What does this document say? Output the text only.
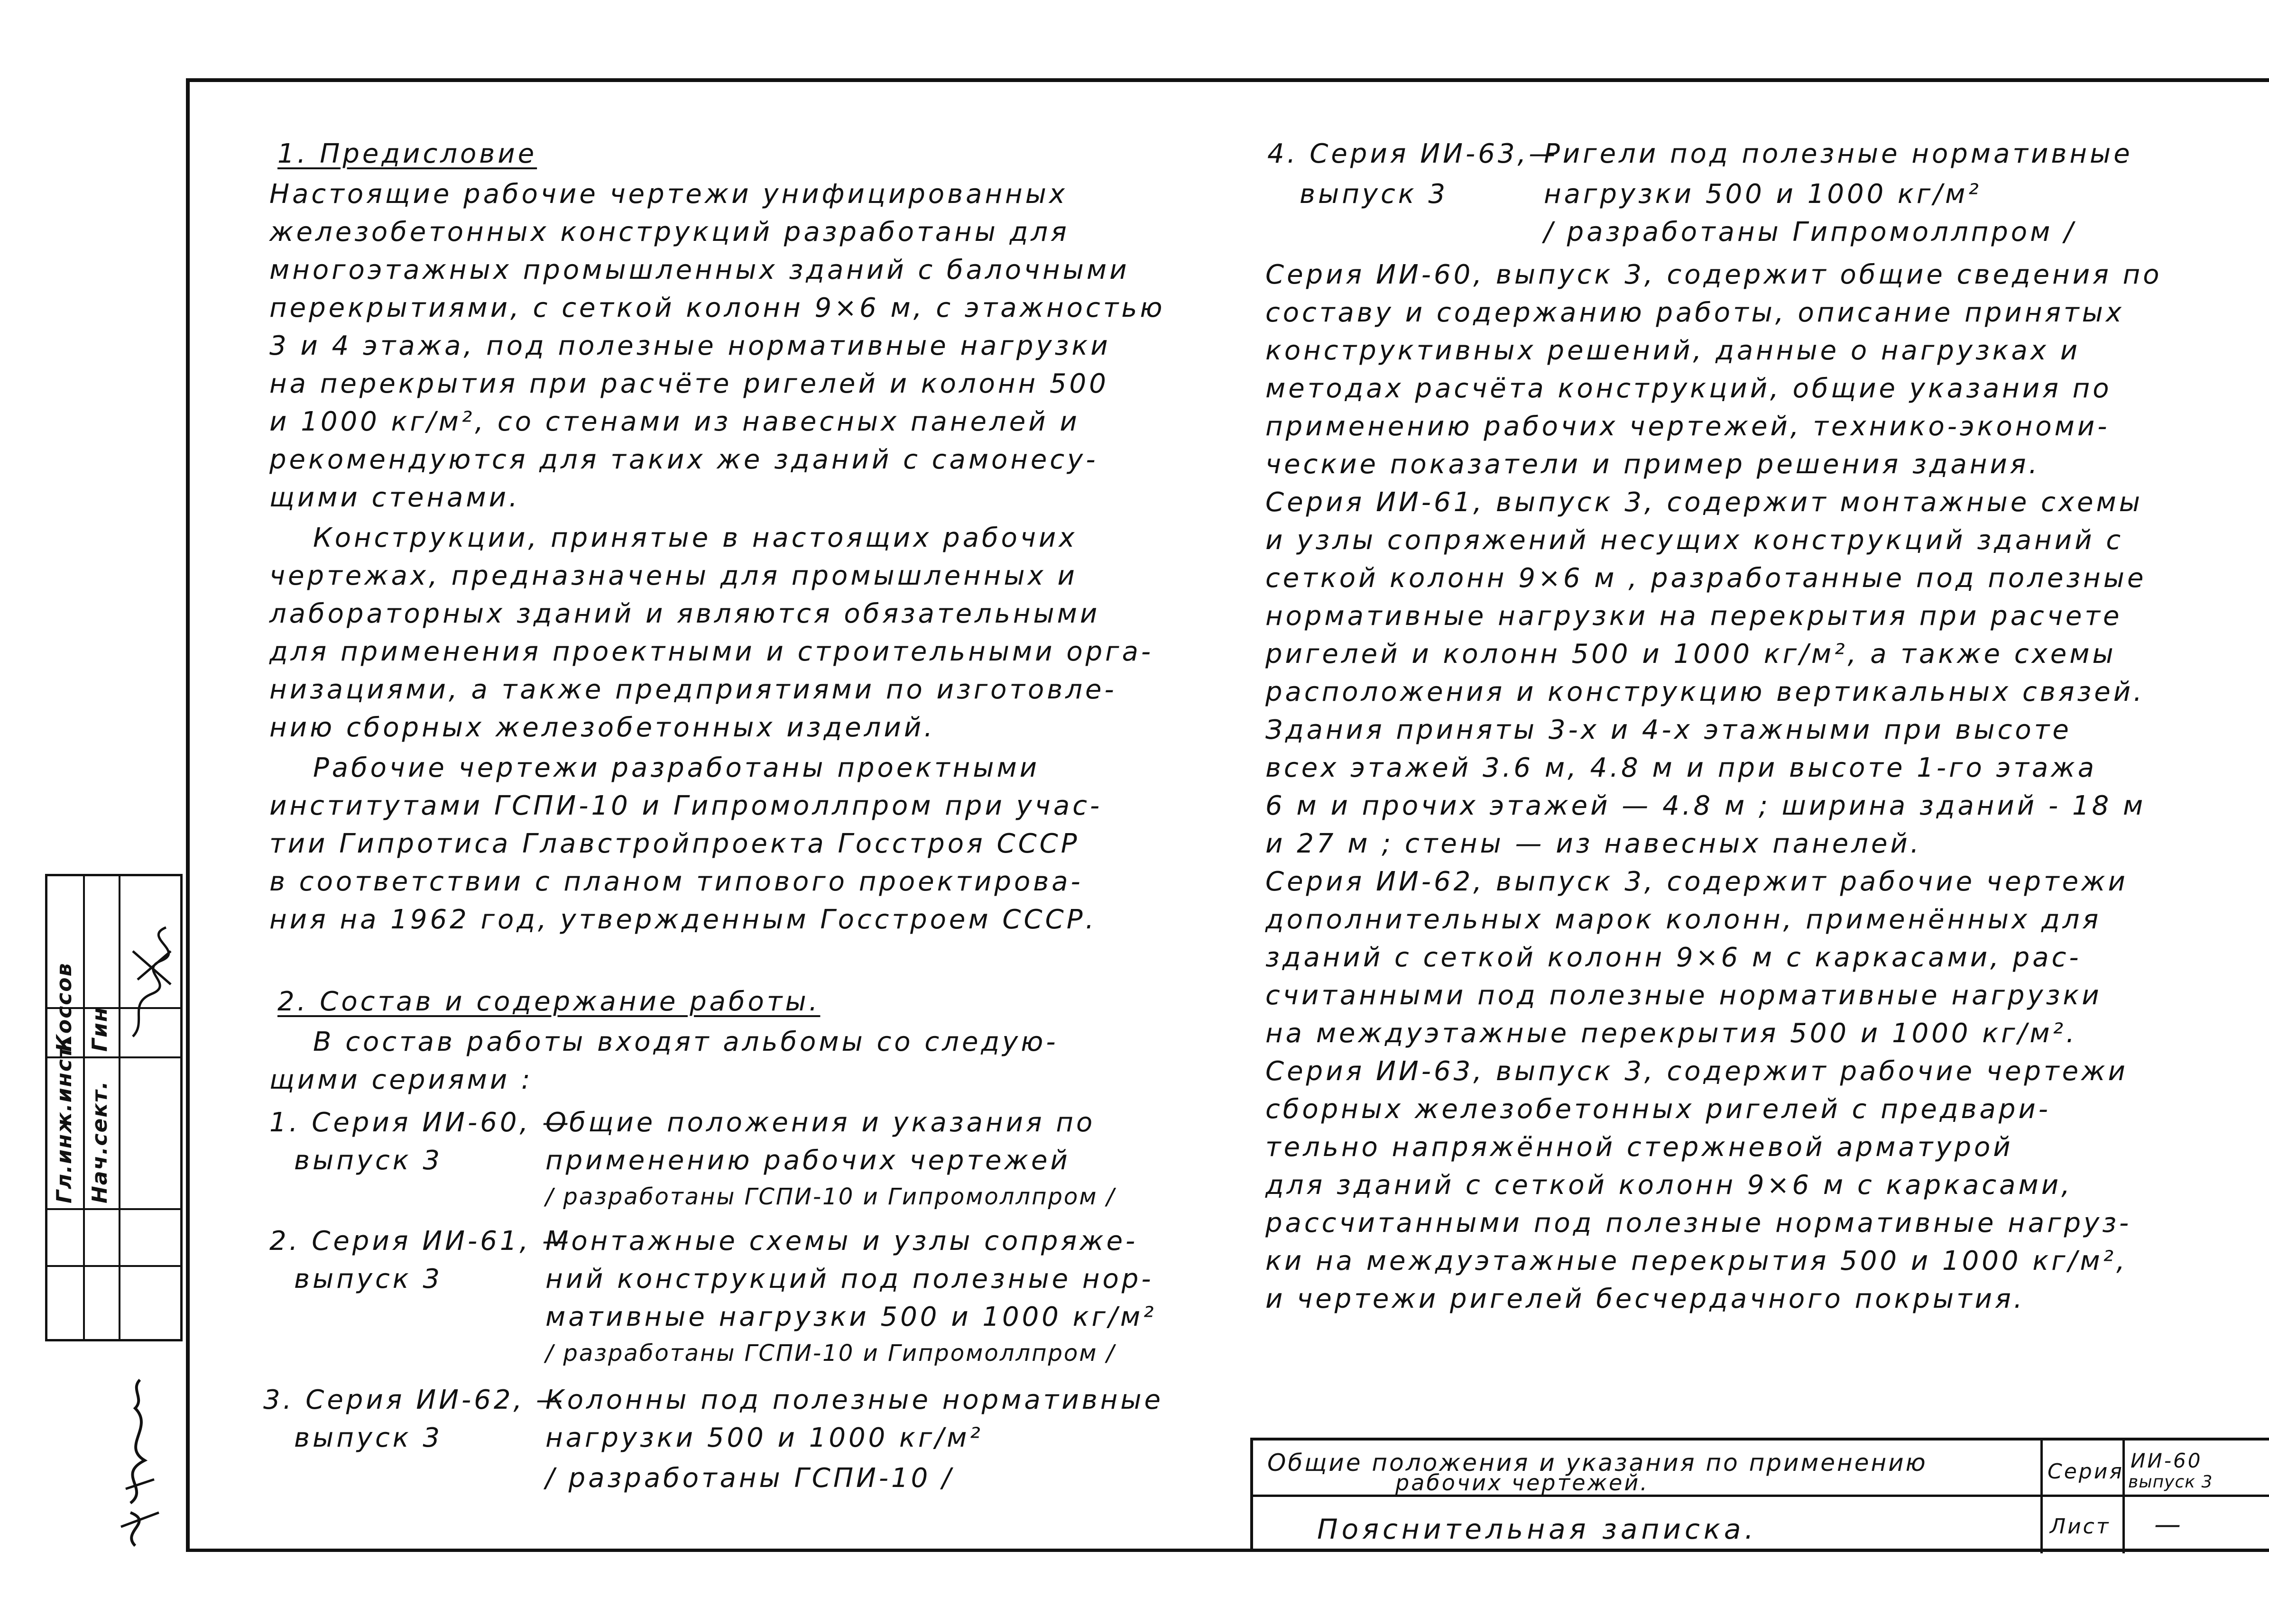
1. Предисловие
Настоящие рабочие чертежи унифицированных
железобетонных конструкций разработаны для
многоэтажных промышленных зданий с балочными
перекрытиями, с сеткой колонн 9×6 м, с этажностью
3 и 4 этажа, под полезные нормативные нагрузки
на перекрытия при расчёте ригелей и колонн 500
и 1000 кг/м², со стенами из навесных панелей и
рекомендуются для таких же зданий с самонесу-
щими стенами.
Конструкции, принятые в настоящих рабочих
чертежах, предназначены для промышленных и
лабораторных зданий и являются обязательными
для применения проектными и строительными орга-
низациями, а также предприятиями по изготовле-
нию сборных железобетонных изделий.
Рабочие чертежи разработаны проектными
институтами ГСПИ-10 и Гипромоллпром при учас-
тии Гипротиса Главстройпроекта Госстроя СССР
в соответствии с планом типового проектирова-
ния на 1962 год, утвержденным Госстроем СССР.
2. Состав и содержание работы.
В состав работы входят альбомы со следую-
щими сериями :
1. Серия ИИ-60, —
выпуск 3
Общие положения и указания по
применению рабочих чертежей
/ разработаны ГСПИ-10 и Гипромоллпром /
2. Серия ИИ-61, —
выпуск 3
Монтажные схемы и узлы сопряже-
ний конструкций под полезные нор-
мативные нагрузки 500 и 1000 кг/м²
/ разработаны ГСПИ-10 и Гипромоллпром /
3. Серия ИИ-62, —
выпуск 3
Колонны под полезные нормативные
нагрузки 500 и 1000 кг/м²
/ разработаны ГСПИ-10 /
4. Серия ИИ-63,—
выпуск 3
Ригели под полезные нормативные
нагрузки 500 и 1000 кг/м²
/ разработаны Гипромоллпром /
Серия ИИ-60, выпуск 3, содержит общие сведения по
составу и содержанию работы, описание принятых
конструктивных решений, данные о нагрузках и
методах расчёта конструкций, общие указания по
применению рабочих чертежей, технико-экономи-
ческие показатели и пример решения здания.
Серия ИИ-61, выпуск 3, содержит монтажные схемы
и узлы сопряжений несущих конструкций зданий с
сеткой колонн 9×6 м , разработанные под полезные
нормативные нагрузки на перекрытия при расчете
ригелей и колонн 500 и 1000 кг/м², а также схемы
расположения и конструкцию вертикальных связей.
Здания приняты 3-х и 4-х этажными при высоте
всех этажей 3.6 м, 4.8 м и при высоте 1-го этажа
6 м и прочих этажей — 4.8 м ; ширина зданий - 18 м
и 27 м ; стены — из навесных панелей.
Серия ИИ-62, выпуск 3, содержит рабочие чертежи
дополнительных марок колонн, применённых для
зданий с сеткой колонн 9×6 м с каркасами, рас-
считанными под полезные нормативные нагрузки
на междуэтажные перекрытия 500 и 1000 кг/м².
Серия ИИ-63, выпуск 3, содержит рабочие чертежи
сборных железобетонных ригелей с предвари-
тельно напряжённой стержневой арматурой
для зданий с сеткой колонн 9×6 м с каркасами,
рассчитанными под полезные нормативные нагруз-
ки на междуэтажные перекрытия 500 и 1000 кг/м²,
и чертежи ригелей бесчердачного покрытия.
Гл.инж.инст.
Коссов
Нач.сект.
Гин
Общие положения и указания по применению
рабочих чертежей.	Серия ИИ-60
выпуск 3
Пояснительная записка.	Лист —
